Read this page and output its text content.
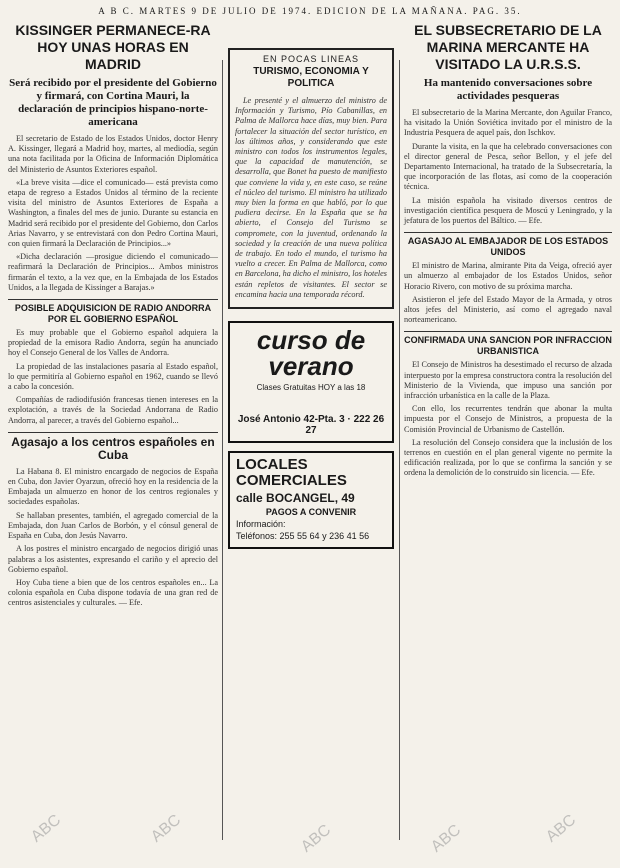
A B C. MARTES 9 DE JULIO DE 1974. EDICION DE LA MAÑANA. PAG. 35.
KISSINGER PERMANECE-RA HOY UNAS HORAS EN MADRID

Será recibido por el presidente del Gobierno y firmará, con Cortina Mauri, la declaración de principios hispano-norte-americana

El secretario de Estado de los Estados Unidos, doctor Henry A. Kissinger, llegará a Madrid hoy, martes, al mediodía, según una nota facilitada por la Oficina de Información Diplomática del Ministerio de Asuntos Exteriores español.

«La breve visita —dice el comunicado— está prevista como etapa de regreso a Estados Unidos al término de la reciente visita del ministro de Asuntos Exteriores de España a Washington, a finales del mes de junio. Durante su estancia en Madrid será recibido por el presidente del Gobierno, don Carlos Arias Navarro, y se entrevistará con don Pedro Cortina Mauri, con quien firmará la Declaración de Principios...»

«Dicha declaración —prosigue diciendo el comunicado— reafirmará la Declaración de Principios... Ambos ministros firmarán el texto, a la vez que, en la Embajada de los Estados Unidos, a la llegada de Kissinger a Barajas.»

POSIBLE ADQUISICION DE RADIO ANDORRA POR EL GOBIERNO ESPAÑOL

Es muy probable que el Gobierno español adquiera la propiedad de la emisora Radio Andorra, según ha anunciado hoy el Consejo General de los Valles de Andorra.

La propiedad de las instalaciones pasaría al Estado español, lo que permitiría al Gobierno español en 1962, cuando se llevó a cabo la concesión.

Compañías de radiodifusión francesas tienen intereses en la explotación, a través de la Sociedad Andorrana de Radio Andorra, al parecer, a través del Gobierno español...

Agasajo a los centros españoles en Cuba

La Habana 8. El ministro encargado de negocios de España en Cuba, don Javier Oyarzun, ofreció hoy en la residencia de la Embajada un almuerzo en honor de los centros regionales y sociedades españolas.

Se hallaban presentes, también, el agregado comercial de la Embajada, don Juan Carlos de Borbón, y el cónsul general de España en Cuba, don Jesús Navarro.

A los postres el ministro encargado de negocios dirigió unas palabras a los asistentes, expresando el cariño y el aprecio del Gobierno español.

Hoy Cuba tiene a bien que de los centros españoles en... La colonia española en Cuba dispone todavía de una gran red de centros asistenciales y culturales. — Efe.

EN POCAS LINEAS

TURISMO, ECONOMIA Y POLITICA

Le presenté y el almuerzo del ministro de Información y Turismo, Pío Cabanillas, en Palma de Mallorca hace días, muy bien. Para fortalecer la situación del sector turístico, en los últimos años, y considerando que este ministro con todos los instrumentos legales, que la capacidad de manutención, se desarrolla, que Bonet ha puesto de manifiesto que conviene la vida y, en este caso, se reúne el núcleo del turismo. El ministro ha utilizado muy bien la forma en que habló, por lo que pudiera decirse. En la España que se ha abierto, el Consejo del Turismo se compromete, con la juventud, ordenando la sociedad y la creación de una nueva política de trabajo. En todo el mundo, el turismo ha vuelto a crecer. En Palma de Mallorca, como en Barcelona, ha dicho el ministro, los hoteles están repletos de visitantes. El sector se encamina hacia una temporada récord.

curso de verano

Clases Gratuitas HOY a las 18

José Antonio 42-Pta. 3 · 222 26 27

LOCALES COMERCIALES

calle BOCANGEL, 49

PAGOS A CONVENIR

Información:

Teléfonos: 255 55 64 y 236 41 56

EL SUBSECRETARIO DE LA MARINA MERCANTE HA VISITADO LA U.R.S.S.

Ha mantenido conversaciones sobre actividades pesqueras

El subsecretario de la Marina Mercante, don Aguilar Franco, ha visitado la Unión Soviética invitado por el ministro de la Industria Pesquera de aquel país, don Ischkov.

Durante la visita, en la que ha celebrado conversaciones con el director general de Pesca, señor Bellon, y el jefe del Departamento Internacional, ha tratado de la Subsecretaría, la que incorporación de las flotas, así como de la cooperación técnica.

La misión española ha visitado diversos centros de investigación científica pesquera de Moscú y Leningrado, y la jefatura de los puertos del Báltico. — Efe.

AGASAJO AL EMBAJADOR DE LOS ESTADOS UNIDOS

El ministro de Marina, almirante Pita da Veiga, ofreció ayer un almuerzo al embajador de los Estados Unidos, señor Horacio Rivero, con motivo de su próxima marcha.

Asistieron el jefe del Estado Mayor de la Armada, y otros altos jefes del Ministerio, así como el agregado naval norteamericano.

CONFIRMADA UNA SANCION POR INFRACCION URBANISTICA

El Consejo de Ministros ha desestimado el recurso de alzada interpuesto por la empresa constructora contra la resolución del Ministerio de la Vivienda, que impuso una sanción por infracción urbanística en la calle de la Plaza.

Con ello, los recurrentes tendrán que abonar la multa impuesta por el Consejo de Ministros, a propuesta de la Comisión Provincial de Urbanismo de Castellón.

La resolución del Consejo considera que la inclusión de los terrenos en cuestión en el plan general vigente no permite la edificación realizada, por lo que se confirma la sanción y se ordena la demolición de lo construido sin licencia. — Efe.

ABC	ABC	ABC	ABC	ABC
